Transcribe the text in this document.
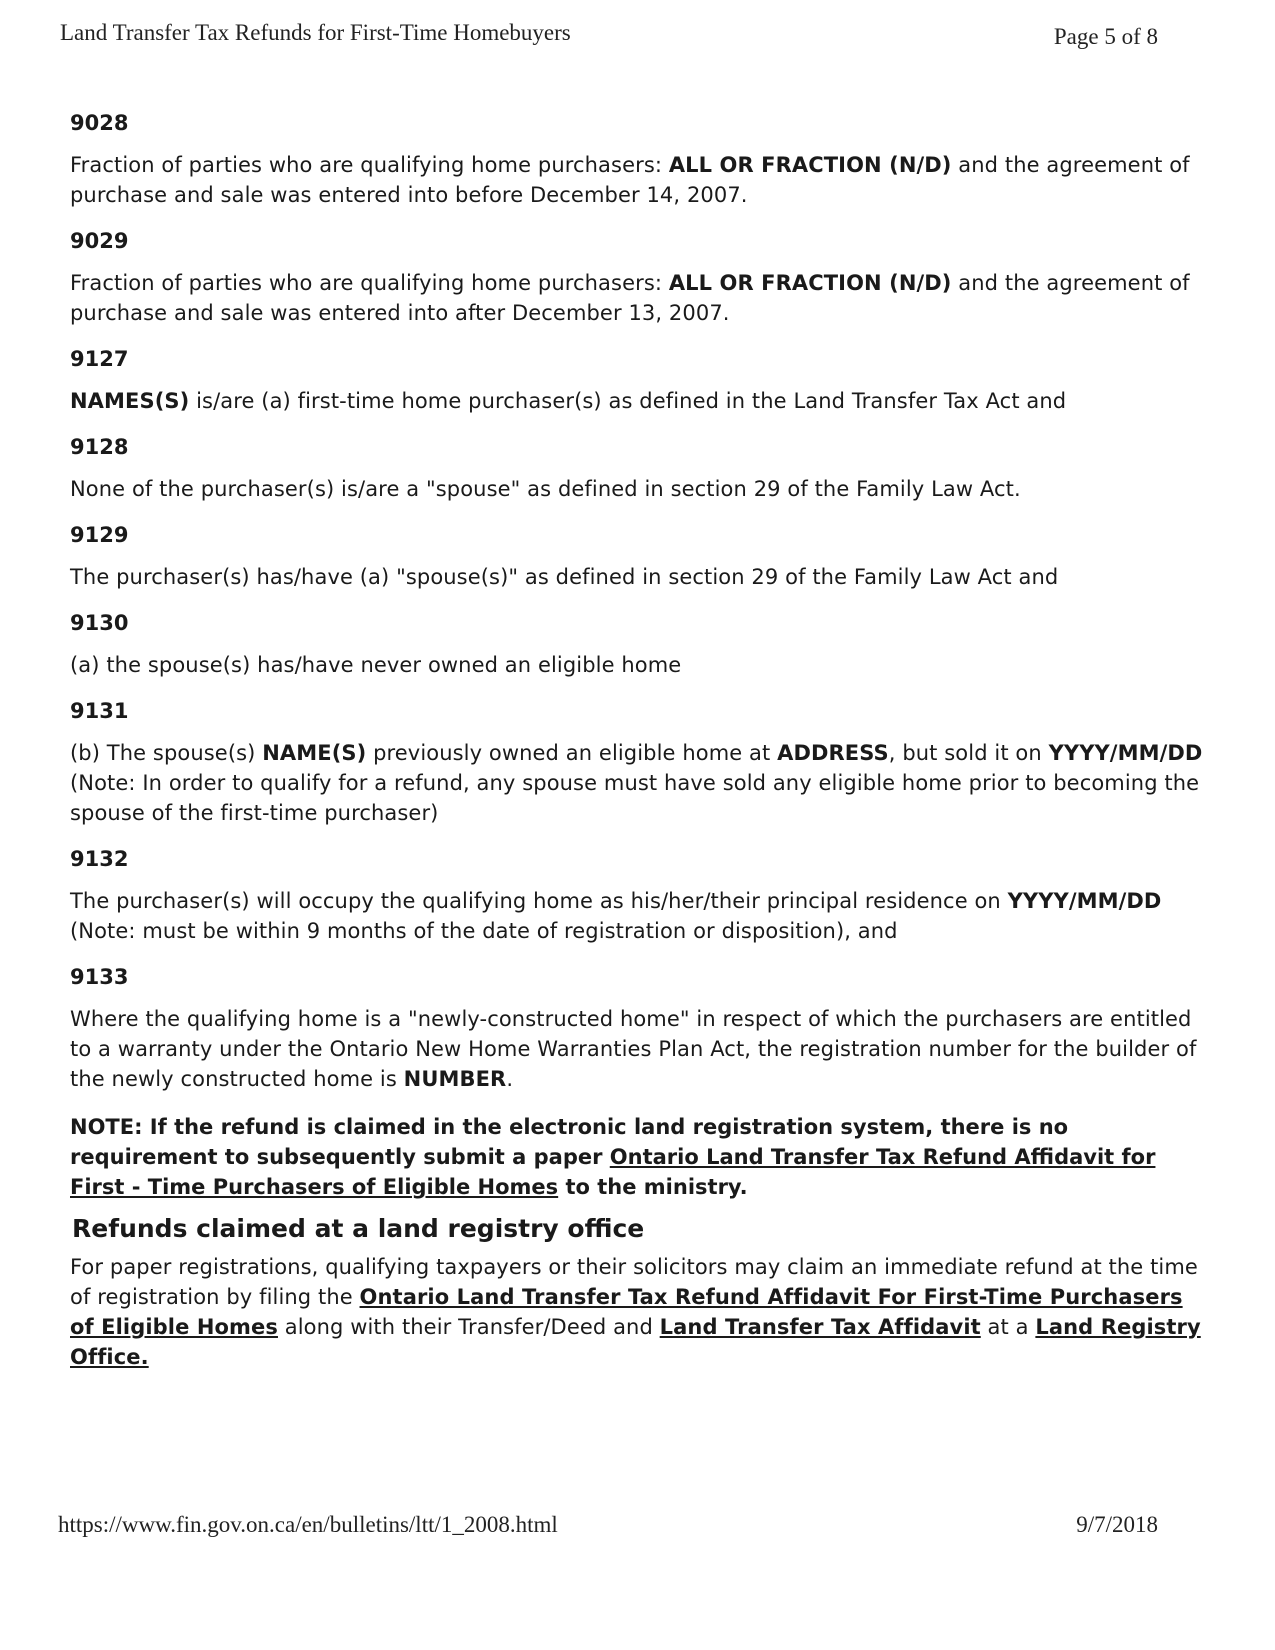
Land Transfer Tax Refunds for First-Time Homebuyers	Page 5 of 8
9028

Fraction of parties who are qualifying home purchasers: ALL OR FRACTION (N/D) and the agreement of purchase and sale was entered into before December 14, 2007.

9029

Fraction of parties who are qualifying home purchasers: ALL OR FRACTION (N/D) and the agreement of purchase and sale was entered into after December 13, 2007.

9127

NAMES(S) is/are (a) first-time home purchaser(s) as defined in the Land Transfer Tax Act and

9128

None of the purchaser(s) is/are a "spouse" as defined in section 29 of the Family Law Act.

9129

The purchaser(s) has/have (a) "spouse(s)" as defined in section 29 of the Family Law Act and

9130

(a) the spouse(s) has/have never owned an eligible home

9131

(b) The spouse(s) NAME(S) previously owned an eligible home at ADDRESS, but sold it on YYYY/MM/DD (Note: In order to qualify for a refund, any spouse must have sold any eligible home prior to becoming the spouse of the first-time purchaser)

9132

The purchaser(s) will occupy the qualifying home as his/her/their principal residence on YYYY/MM/DD (Note: must be within 9 months of the date of registration or disposition), and

9133

Where the qualifying home is a "newly-constructed home" in respect of which the purchasers are entitled to a warranty under the Ontario New Home Warranties Plan Act, the registration number for the builder of the newly constructed home is NUMBER.

NOTE: If the refund is claimed in the electronic land registration system, there is no requirement to subsequently submit a paper Ontario Land Transfer Tax Refund Affidavit for First - Time Purchasers of Eligible Homes to the ministry.

Refunds claimed at a land registry office

For paper registrations, qualifying taxpayers or their solicitors may claim an immediate refund at the time of registration by filing the Ontario Land Transfer Tax Refund Affidavit For First-Time Purchasers of Eligible Homes along with their Transfer/Deed and Land Transfer Tax Affidavit at a Land Registry Office.

https://www.fin.gov.on.ca/en/bulletins/ltt/1_2008.html	9/7/2018
